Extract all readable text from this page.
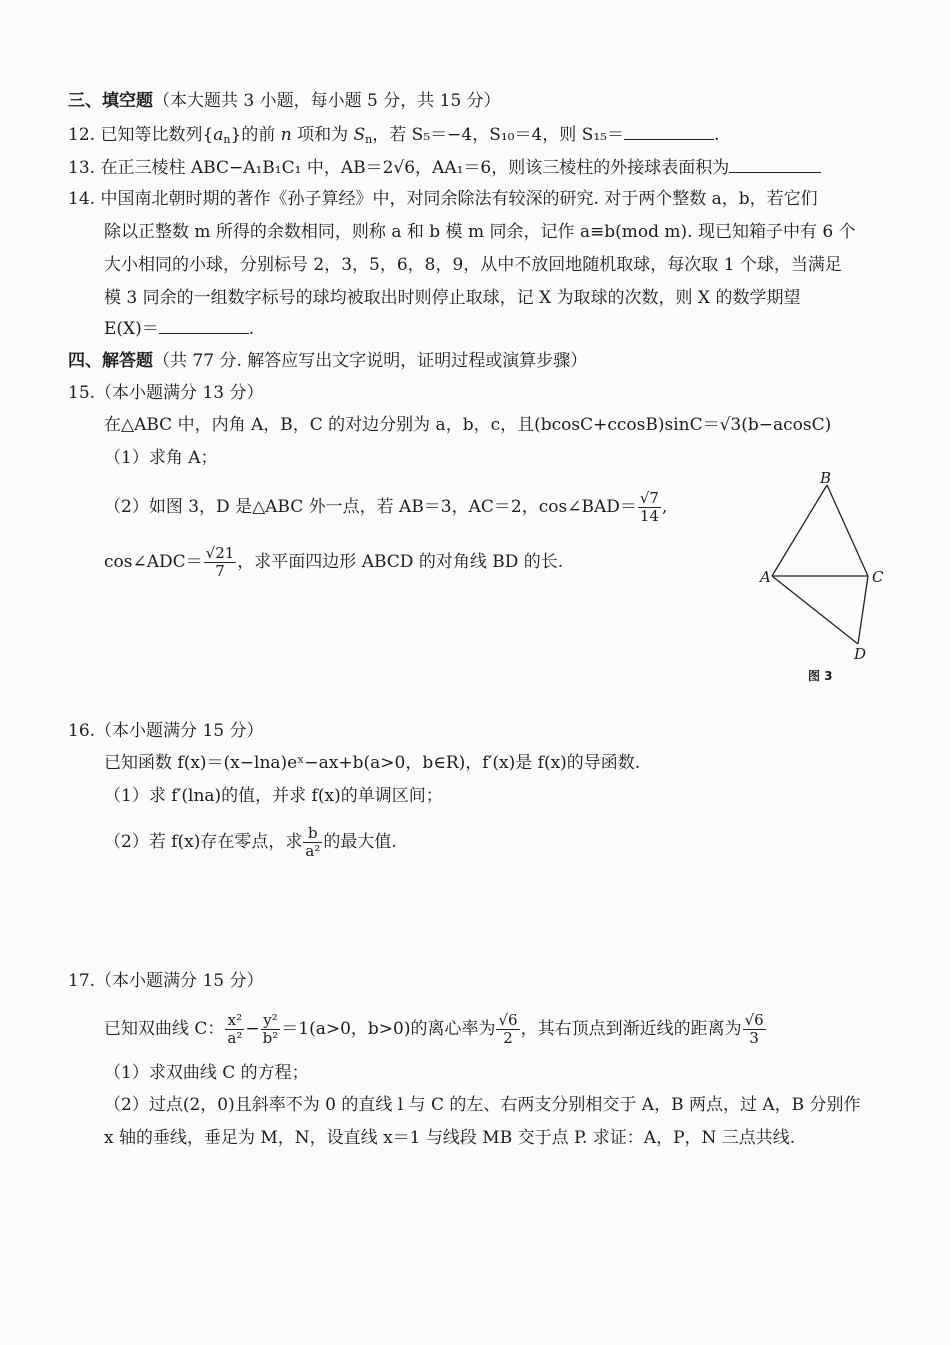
三、填空题（本大题共 3 小题，每小题 5 分，共 15 分）
12. 已知等比数列$\{a_n\}$的前 n 项和为 $S_n$，若 S₅＝−4，S₁₀＝4，则 S₁₅＝	.
13. 在正三棱柱 ABC−A₁B₁C₁ 中，AB＝2√6，AA₁＝6，则该三棱柱的外接球表面积为
14. 中国南北朝时期的著作《孙子算经》中，对同余除法有较深的研究. 对于两个整数 a，b，若它们
除以正整数 m 所得的余数相同，则称 a 和 b 模 m 同余，记作 a≡b(mod m). 现已知箱子中有 6 个
大小相同的小球，分别标号 2，3，5，6，8，9，从中不放回地随机取球，每次取 1 个球，当满足
模 3 同余的一组数字标号的球均被取出时则停止取球，记 X 为取球的次数，则 X 的数学期望
E(X)＝	.
四、解答题（共 77 分. 解答应写出文字说明，证明过程或演算步骤）
15.（本小题满分 13 分）
在△ABC 中，内角 A，B，C 的对边分别为 a，b，c，且(bcosC+ccosB)sinC＝√3(b−acosC)
（1）求角 A；
（2）如图 3，D 是△ABC 外一点，若 AB＝3，AC＝2，cos∠BAD＝ $\frac{√7}{14}$ ,
cos∠ADC＝ $\frac{√21}{7}$ ，求平面四边形 ABCD 的对角线 BD 的长.
B
A	C
D
图 3
16.（本小题满分 15 分）
已知函数 f(x)＝(x−lna)eˣ−ax+b(a>0，b∈R)，f′(x)是 f(x)的导函数.
（1）求 f′(lna)的值，并求 f(x)的单调区间；
（2）若 f(x)存在零点，求 $\frac{b}{\text{a²}}$ 的最大值.
17.（本小题满分 15 分）
已知双曲线 C： $\frac{\text{x²}}{\text{a²}} - \frac{\text{y²}}{\text{b²}} =1(a>0$，b>0)的离心率为 $\frac{√6}{2}$ ，其右顶点到渐近线的距离为 $\frac{√6}{3}$
（1）求双曲线 C 的方程；
（2）过点(2，0)且斜率不为 0 的直线 l 与 C 的左、右两支分别相交于 A，B 两点，过 A，B 分别作
x 轴的垂线，垂足为 M，N，设直线 x＝1 与线段 MB 交于点 P. 求证：A，P，N 三点共线.
